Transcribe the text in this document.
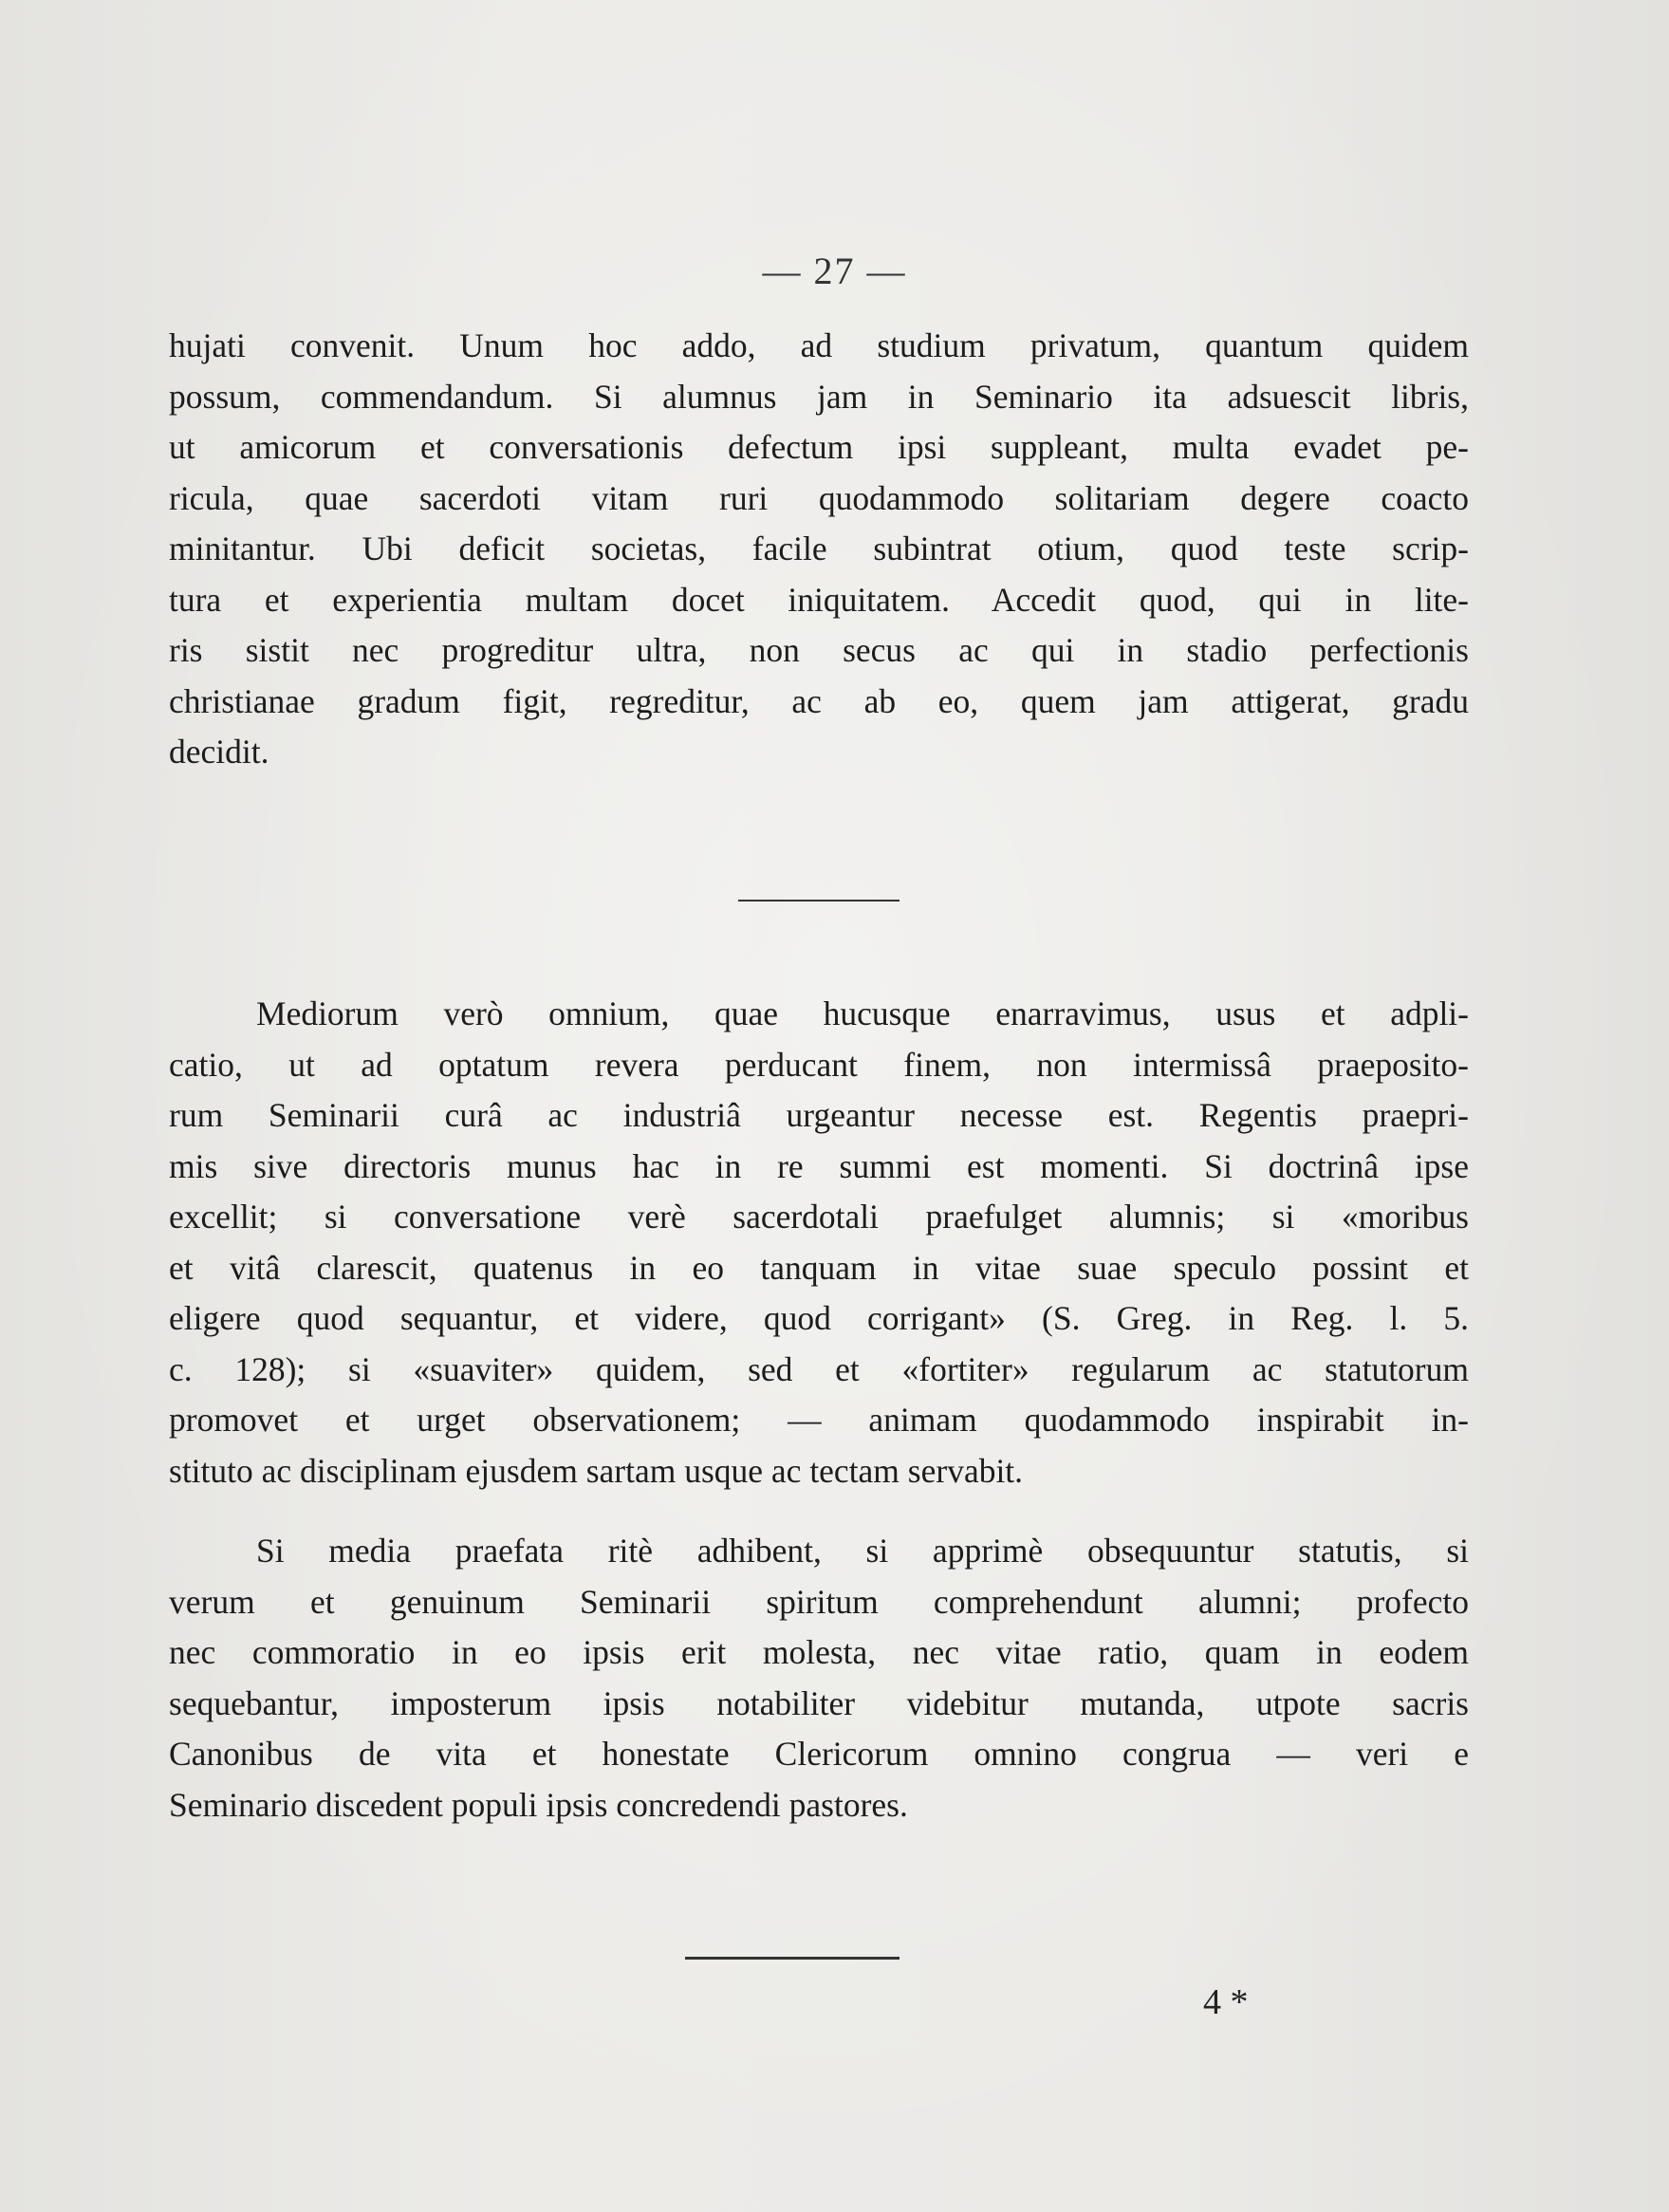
— 27 —
hujati convenit. Unum hoc addo, ad studium privatum, quantum quidem
possum, commendandum. Si alumnus jam in Seminario ita adsuescit libris,
ut amicorum et conversationis defectum ipsi suppleant, multa evadet pe-
ricula, quae sacerdoti vitam ruri quodammodo solitariam degere coacto
minitantur. Ubi deficit societas, facile subintrat otium, quod teste scrip-
tura et experientia multam docet iniquitatem. Accedit quod, qui in lite-
ris sistit nec progreditur ultra, non secus ac qui in stadio perfectionis
christianae gradum figit, regreditur, ac ab eo, quem jam attigerat, gradu
decidit.
Mediorum verò omnium, quae hucusque enarravimus, usus et adpli-
catio, ut ad optatum revera perducant finem, non intermissâ praeposito-
rum Seminarii curâ ac industriâ urgeantur necesse est. Regentis praepri-
mis sive directoris munus hac in re summi est momenti. Si doctrinâ ipse
excellit; si conversatione verè sacerdotali praefulget alumnis; si «moribus
et vitâ clarescit, quatenus in eo tanquam in vitae suae speculo possint et
eligere quod sequantur, et videre, quod corrigant» (S. Greg. in Reg. l. 5.
c. 128); si «suaviter» quidem, sed et «fortiter» regularum ac statutorum
promovet et urget observationem; — animam quodammodo inspirabit in-
stituto ac disciplinam ejusdem sartam usque ac tectam servabit.
Si media praefata ritè adhibent, si apprimè obsequuntur statutis, si
verum et genuinum Seminarii spiritum comprehendunt alumni; profecto
nec commoratio in eo ipsis erit molesta, nec vitae ratio, quam in eodem
sequebantur, imposterum ipsis notabiliter videbitur mutanda, utpote sacris
Canonibus de vita et honestate Clericorum omnino congrua — veri e
Seminario discedent populi ipsis concredendi pastores.
4 *
